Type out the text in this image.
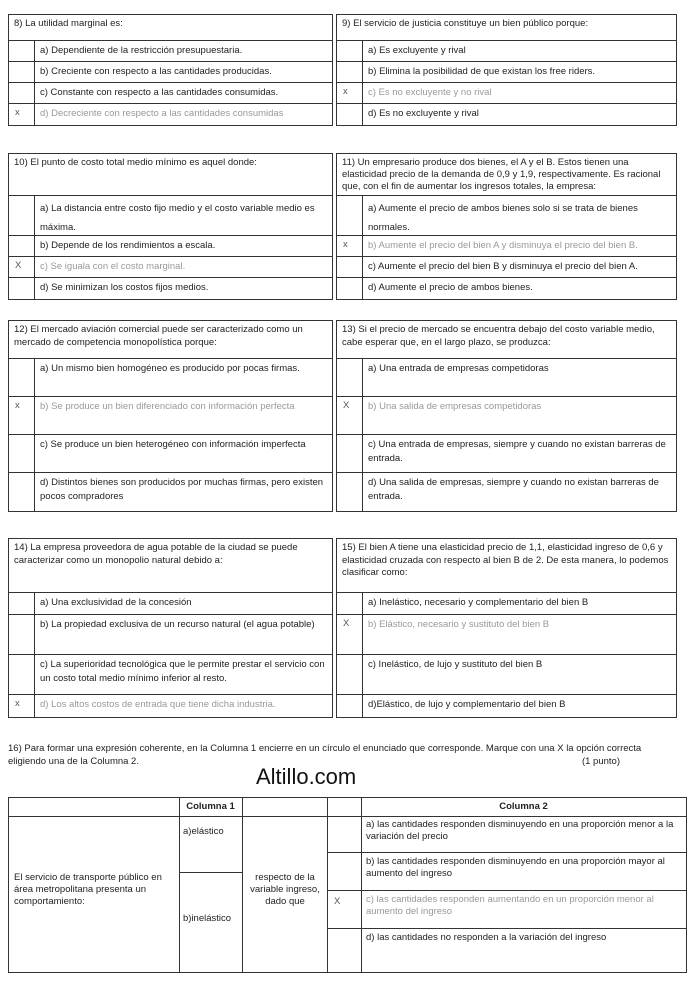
8) La utilidad marginal es:
a) Dependiente de la restricción presupuestaria.
b) Creciente con respecto a las cantidades producidas.
c) Constante con respecto a las cantidades consumidas.
x	d) Decreciente con respecto a las cantidades consumidas
9) El servicio de justicia constituye un bien público porque:
a) Es excluyente y rival
b) Elimina la posibilidad de que existan los free riders.
x	c) Es no excluyente y no rival
d) Es no excluyente y rival
10) El punto de costo total medio mínimo es aquel donde:
a) La distancia entre costo fijo medio y el costo variable medio es máxima.
b) Depende de los rendimientos a escala.
X	c) Se iguala con el costo marginal.
d) Se minimizan los costos fijos medios.
11) Un empresario produce dos bienes, el A y el B. Estos tienen una elasticidad precio de la demanda de 0,9 y 1,9, respectivamente. Es racional que, con el fin de aumentar los ingresos totales, la empresa:
a) Aumente el precio de ambos bienes solo si se trata de bienes normales.
x	b) Aumente el precio del bien A y disminuya el precio del bien B.
c) Aumente el precio del bien B y disminuya el precio del bien A.
d) Aumente el precio de ambos bienes.
12) El mercado aviación comercial puede ser caracterizado como un mercado de competencia monopolística porque:
a) Un mismo bien homogéneo es producido por pocas firmas.
x	b) Se produce un bien diferenciado con información perfecta
c) Se produce un bien heterogéneo con información imperfecta
d) Distintos bienes son producidos por muchas firmas, pero existen pocos compradores
13) Si el precio de mercado se encuentra debajo del costo variable medio, cabe esperar que, en el largo plazo, se produzca:
a) Una entrada de empresas competidoras
X	b) Una salida de empresas competidoras
c) Una entrada de empresas, siempre y cuando no existan barreras de entrada.
d) Una salida de empresas, siempre y cuando no existan barreras de entrada.
14) La empresa proveedora de agua potable de la ciudad se puede caracterizar como un monopolio natural debido a:
a) Una exclusividad de la concesión
b) La propiedad exclusiva de un recurso natural (el agua potable)
c) La superioridad tecnológica que le permite prestar el servicio con un costo total medio mínimo inferior al resto.
x	d) Los altos costos de entrada que tiene dicha industria.
15) El bien A tiene una elasticidad precio de 1,1, elasticidad ingreso de 0,6 y elasticidad cruzada con respecto al bien B de 2. De esta manera, lo podemos clasificar como:
a) Inelástico, necesario y complementario del bien B
X	b) Elástico, necesario y sustituto del bien B
c) Inelástico, de lujo y sustituto del bien B
d)Elástico, de lujo y complementario del bien B
16) Para formar una expresión coherente, en la Columna 1 encierre en un círculo el enunciado que corresponde. Marque con una X la opción correcta eligiendo una de la Columna 2.	(1 punto)
Altillo.com
Columna 1	Columna 2
El servicio de transporte público en área metropolitana presenta un comportamiento:
a)elástico
b)inelástico
respecto de la variable ingreso, dado que
a) las cantidades responden disminuyendo en una proporción menor a la variación del precio
b) las cantidades responden disminuyendo en una proporción mayor al aumento del ingreso
X	c) las cantidades responden aumentando en un proporción menor al aumento del ingreso
d) las cantidades no responden a la variación del ingreso
